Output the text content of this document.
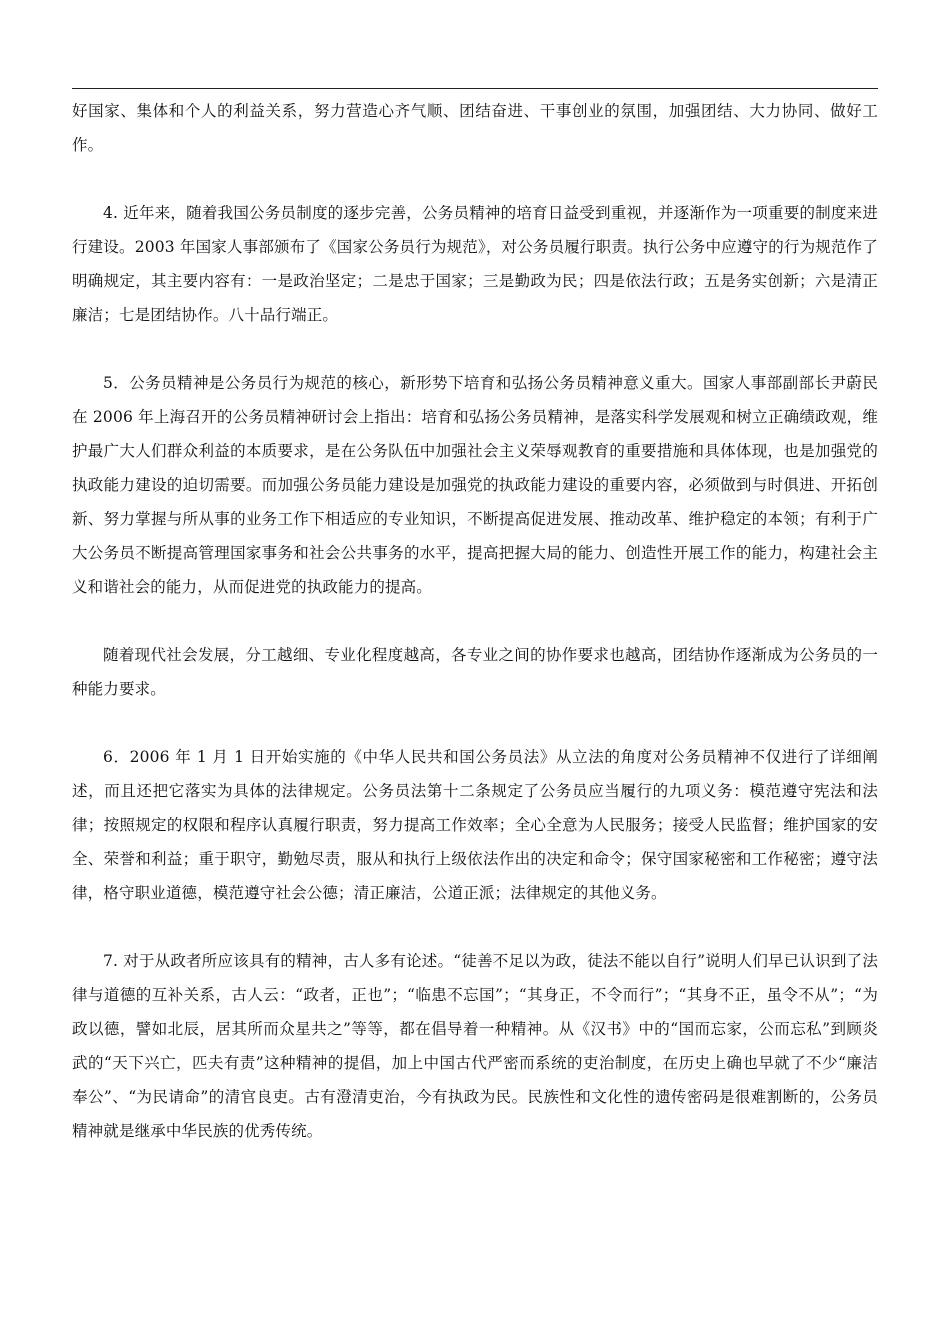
好国家、集体和个人的利益关系，努力营造心齐气顺、团结奋进、干事创业的氛围，加强团结、大力协同、做好工作。

4. 近年来，随着我国公务员制度的逐步完善，公务员精神的培育日益受到重视，并逐渐作为一项重要的制度来进行建设。2003 年国家人事部颁布了《国家公务员行为规范》，对公务员履行职责。执行公务中应遵守的行为规范作了明确规定，其主要内容有：一是政治坚定；二是忠于国家；三是勤政为民；四是依法行政；五是务实创新；六是清正廉洁；七是团结协作。八十品行端正。

5．公务员精神是公务员行为规范的核心，新形势下培育和弘扬公务员精神意义重大。国家人事部副部长尹蔚民在 2006 年上海召开的公务员精神研讨会上指出：培育和弘扬公务员精神，是落实科学发展观和树立正确绩政观，维护最广大人们群众利益的本质要求，是在公务队伍中加强社会主义荣辱观教育的重要措施和具体体现，也是加强党的执政能力建设的迫切需要。而加强公务员能力建设是加强党的执政能力建设的重要内容，必须做到与时俱进、开拓创新、努力掌握与所从事的业务工作下相适应的专业知识，不断提高促进发展、推动改革、维护稳定的本领；有利于广大公务员不断提高管理国家事务和社会公共事务的水平，提高把握大局的能力、创造性开展工作的能力，构建社会主义和谐社会的能力，从而促进党的执政能力的提高。

随着现代社会发展，分工越细、专业化程度越高，各专业之间的协作要求也越高，团结协作逐渐成为公务员的一种能力要求。

6．2006 年 1 月 1 日开始实施的《中华人民共和国公务员法》从立法的角度对公务员精神不仅进行了详细阐述，而且还把它落实为具体的法律规定。公务员法第十二条规定了公务员应当履行的九项义务：模范遵守宪法和法律；按照规定的权限和程序认真履行职责，努力提高工作效率；全心全意为人民服务；接受人民监督；维护国家的安全、荣誉和利益；重于职守，勤勉尽责，服从和执行上级依法作出的决定和命令；保守国家秘密和工作秘密；遵守法律，格守职业道德，模范遵守社会公德；清正廉洁，公道正派；法律规定的其他义务。

7. 对于从政者所应该具有的精神，古人多有论述。“徒善不足以为政，徒法不能以自行”说明人们早已认识到了法律与道德的互补关系，古人云：“政者，正也”；“临患不忘国”；“其身正，不令而行”；“其身不正，虽令不从”；“为政以德，譬如北辰，居其所而众星共之”等等，都在倡导着一种精神。从《汉书》中的“国而忘家，公而忘私”到顾炎武的“天下兴亡，匹夫有责”这种精神的提倡，加上中国古代严密而系统的吏治制度，在历史上确也早就了不少“廉洁奉公”、“为民请命”的清官良吏。古有澄清吏治，今有执政为民。民族性和文化性的遗传密码是很难割断的，公务员精神就是继承中华民族的优秀传统。
